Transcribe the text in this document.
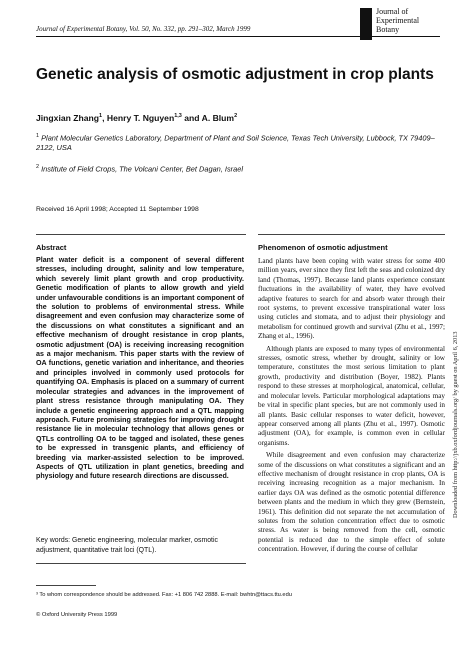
Journal of Experimental Botany, Vol. 50, No. 332, pp. 291–302, March 1999
Journal of
Experimental
Botany
Genetic analysis of osmotic adjustment in crop plants
Jingxian Zhang$^1$, Henry T. Nguyen$^{1,3}$ and A. Blum$^2$
$^1$ Plant Molecular Genetics Laboratory, Department of Plant and Soil Science, Texas Tech University, Lubbock, TX 79409–2122, USA
$^2$ Institute of Field Crops, The Volcani Center, Bet Dagan, Israel
Received 16 April 1998; Accepted 11 September 1998
Abstract
Plant water deficit is a component of several different stresses, including drought, salinity and low temperature, which severely limit plant growth and crop productivity. Genetic modification of plants to allow growth and yield under unfavourable conditions is an important component of the solution to problems of environmental stress. While disagreement and even confusion may characterize some of the discussions on what constitutes a significant and an effective mechanism of drought resistance in crop plants, osmotic adjustment (OA) is receiving increasing recognition as a major mechanism. This paper starts with the review of OA functions, genetic variation and inheritance, and theories and principles involved in commonly used protocols for quantifying OA. Emphasis is placed on a summary of current molecular strategies and advances in the improvement of plant stress resistance through manipulating OA. They include a genetic engineering approach and a QTL mapping approach. Future promising strategies for improving drought resistance lie in molecular technology that allows genes or QTLs controlling OA to be tagged and isolated, these genes to be expressed in transgenic plants, and efficiency of breeding via marker-assisted selection to be improved. Aspects of QTL utilization in plant genetics, breeding and physiology and future research directions are discussed.
Key words: Genetic engineering, molecular marker, osmotic adjustment, quantitative trait loci (QTL).
³ To whom correspondence should be addressed. Fax: +1 806 742 2888. E-mail: bwhtn@ttacs.ttu.edu
© Oxford University Press 1999
Phenomenon of osmotic adjustment

Land plants have been coping with water stress for some 400 million years, ever since they first left the seas and colonized dry land (Thomas, 1997). Because land plants experience constant fluctuations in the availability of water, they have evolved adaptive features to search for and absorb water through their root systems, to prevent excessive transpirational water loss using cuticles and stomata, and to adjust their physiology and metabolism for continued growth and survival (Zhu et al., 1997; Zhang et al., 1996).

Although plants are exposed to many types of environmental stresses, osmotic stress, whether by drought, salinity or low temperature, constitutes the most serious limitation to plant growth, productivity and distribution (Boyer, 1982). Plants respond to these stresses at morphological, anatomical, cellular, and molecular levels. Particular morphological adaptations may be vital in specific plant species, but are not commonly used in all plants. Basic cellular responses to water deficit, however, appear conserved among all plants (Zhu et al., 1997). Osmotic adjustment (OA), for example, is common even in cellular organisms.

While disagreement and even confusion may characterize some of the discussions on what constitutes a significant and an effective mechanism of drought resistance in crop plants, OA is receiving increasing recognition as a major mechanism. In earlier days OA was defined as the osmotic potential difference between plants and the medium in which they grew (Bernstein, 1961). This definition did not separate the net accumulation of solutes from the solution concentration effect due to osmotic stress. As water is being removed from the cell, osmotic potential is reduced due to the simple effect of solute concentration. However, if during the course of cellular

Downloaded from http://jxb.oxfordjournals.org/ by guest on April 6, 2013
